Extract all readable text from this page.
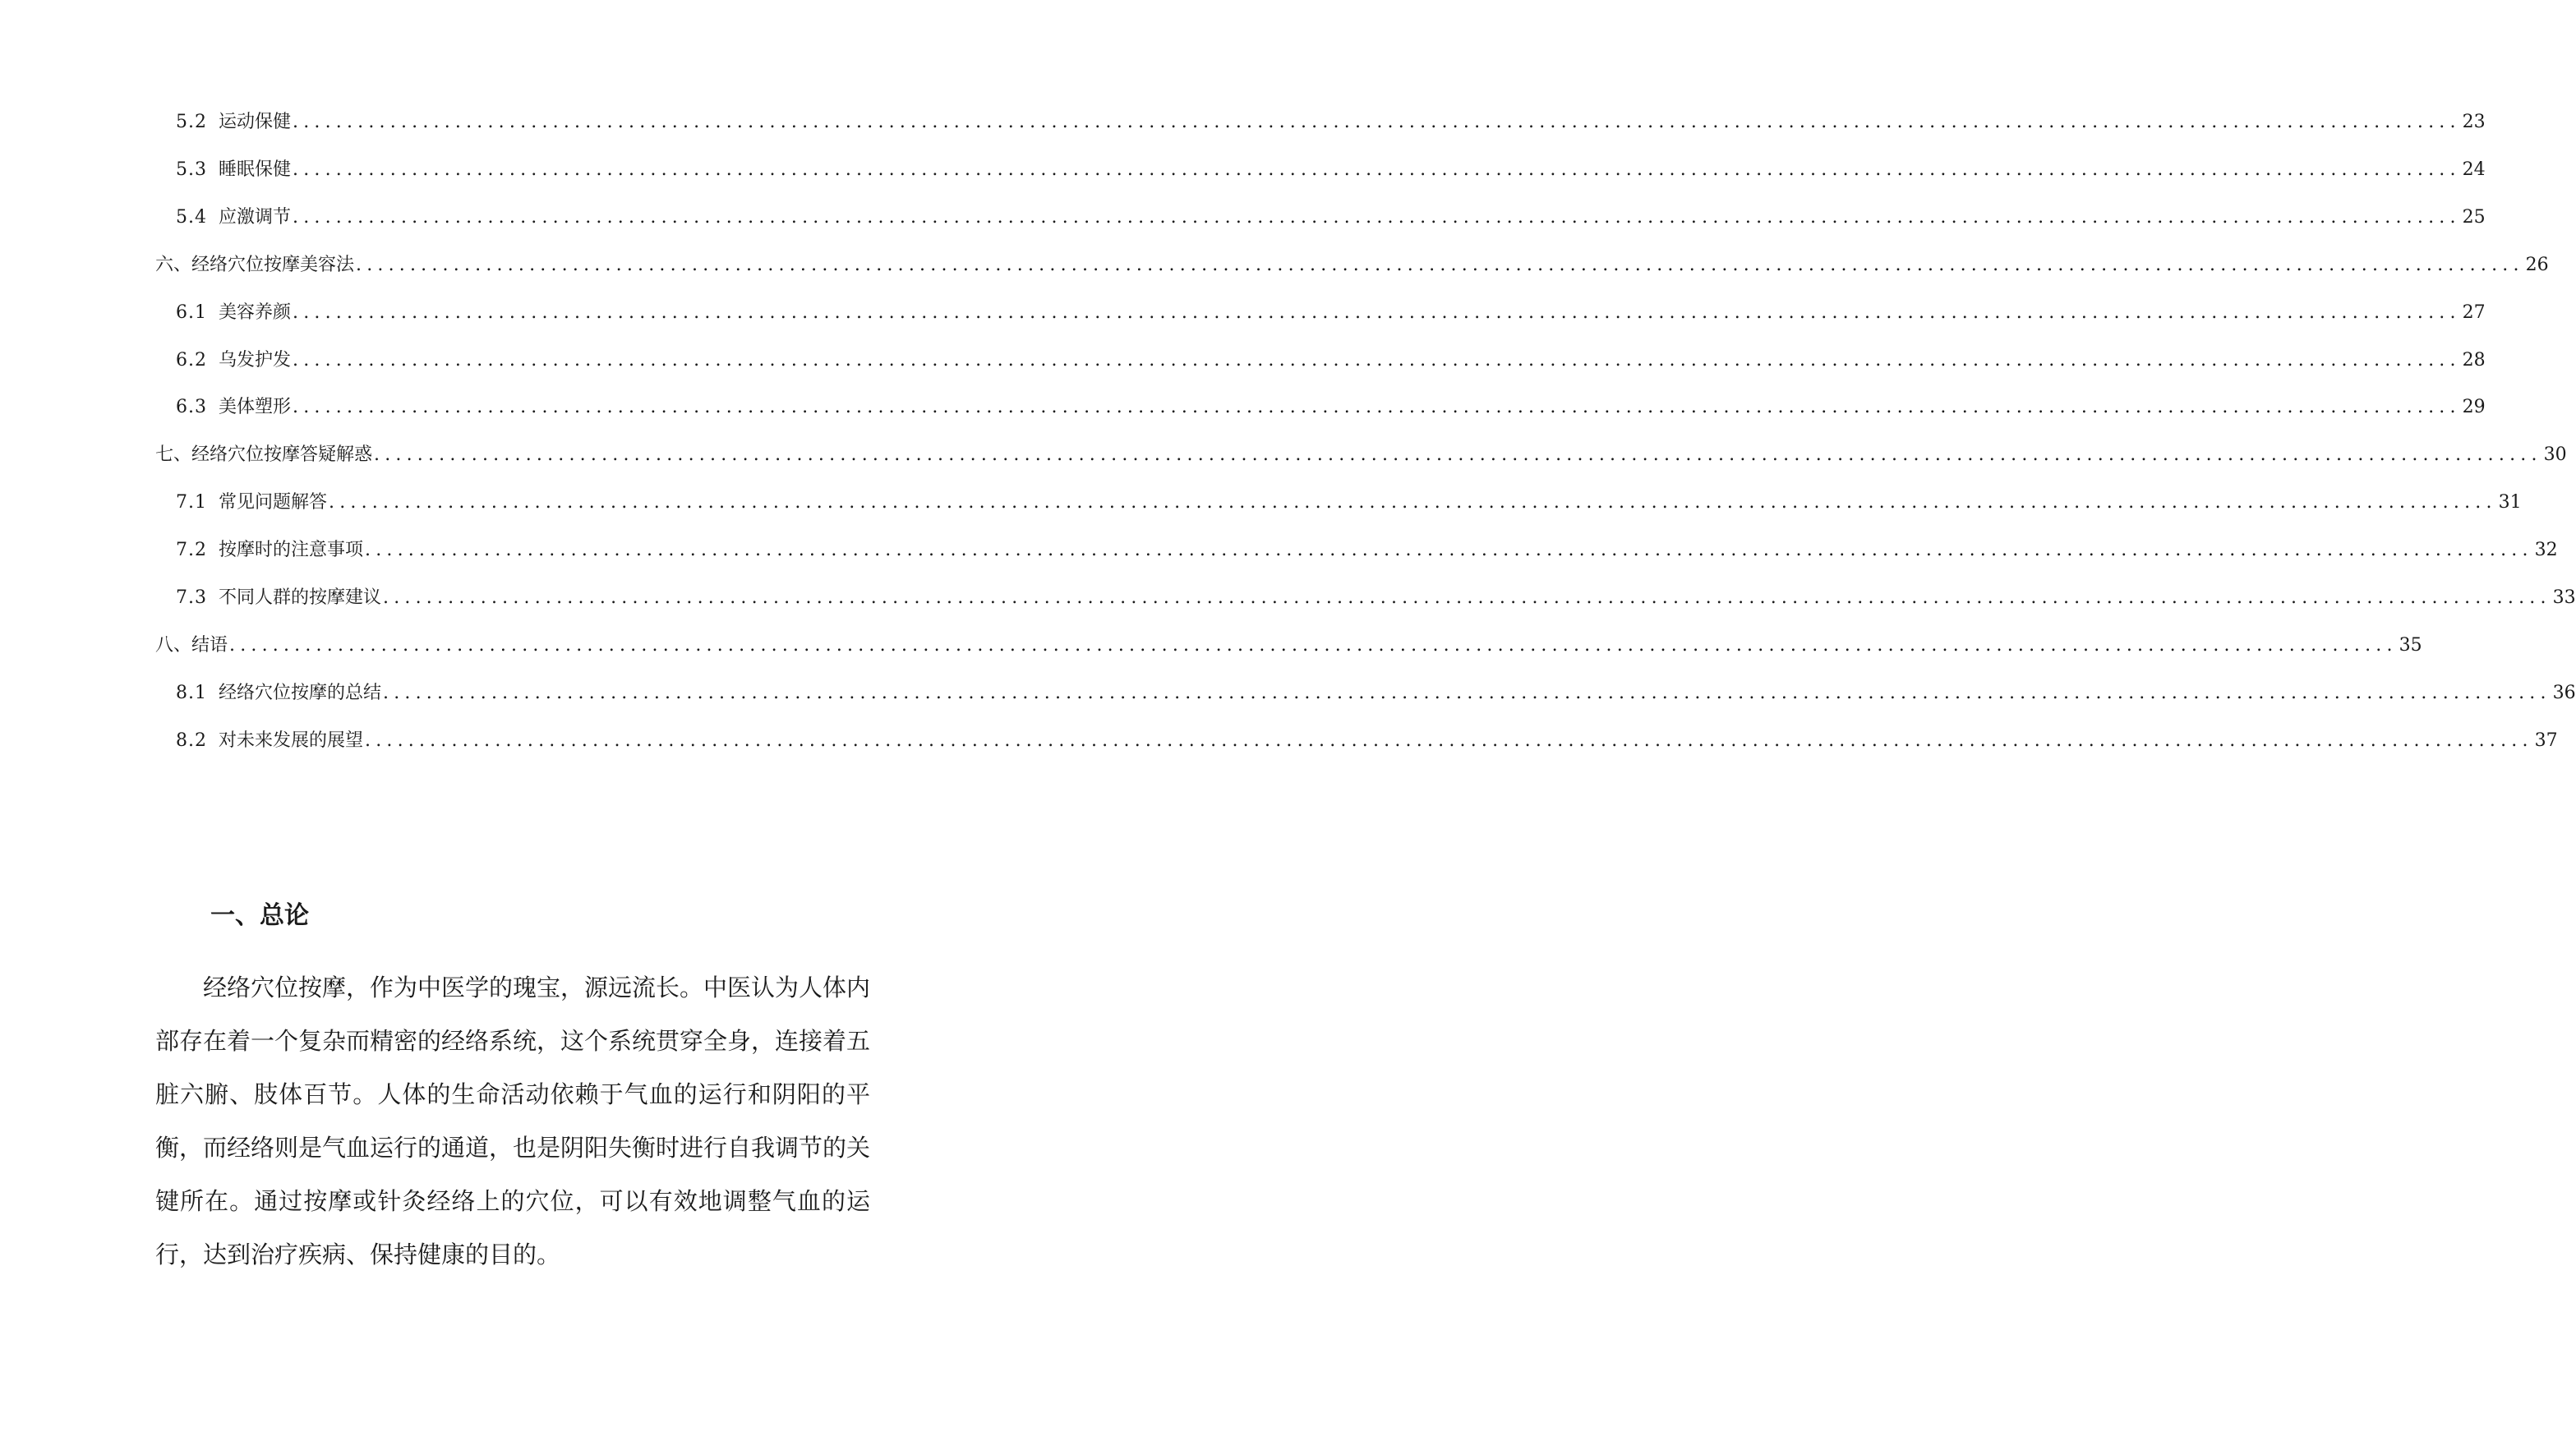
5.2 运动保健 ........................................................................................................................................................................................................ 23
5.3 睡眠保健 ........................................................................................................................................................................................................ 24
5.4 应激调节 ........................................................................................................................................................................................................ 25
六、经络穴位按摩美容法 ........................................................................................................................................................................................................ 26
6.1 美容养颜 ........................................................................................................................................................................................................ 27
6.2 乌发护发 ........................................................................................................................................................................................................ 28
6.3 美体塑形 ........................................................................................................................................................................................................ 29
七、经络穴位按摩答疑解惑 ........................................................................................................................................................................................................ 30
7.1 常见问题解答 ........................................................................................................................................................................................................ 31
7.2 按摩时的注意事项 ........................................................................................................................................................................................................ 32
7.3 不同人群的按摩建议 ........................................................................................................................................................................................................ 33
八、结语 ........................................................................................................................................................................................................ 35
8.1 经络穴位按摩的总结 ........................................................................................................................................................................................................ 36
8.2 对未来发展的展望 ........................................................................................................................................................................................................ 37
一、总论

经络穴位按摩，作为中医学的瑰宝，源远流长。中医认为人体内部存在着一个复杂而精密的经络系统，这个系统贯穿全身，连接着五脏六腑、肢体百节。人体的生命活动依赖于气血的运行和阴阳的平衡，而经络则是气血运行的通道，也是阴阳失衡时进行自我调节的关键所在。通过按摩或针灸经络上的穴位，可以有效地调整气血的运行，达到治疗疾病、保持健康的目的。
